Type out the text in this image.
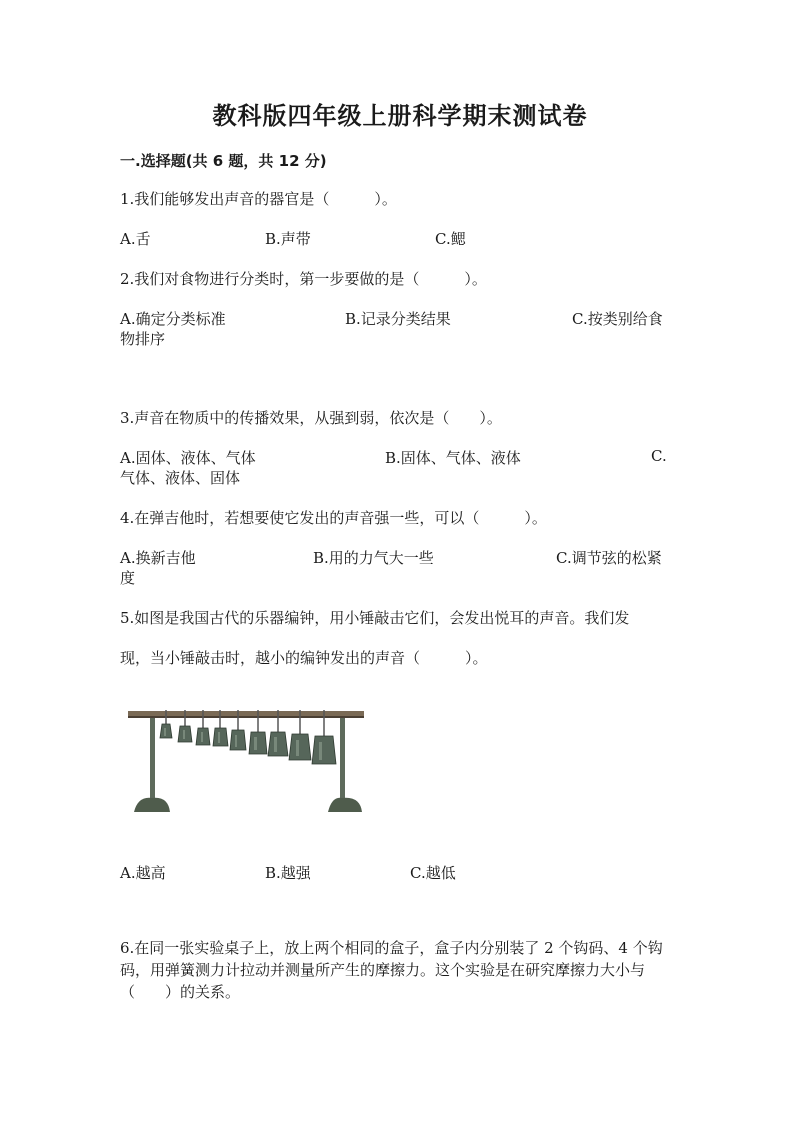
教科版四年级上册科学期末测试卷
一.选择题(共 6 题，共 12 分)
1.我们能够发出声音的器官是（　　　）。
A.舌	B.声带	C.鳃
2.我们对食物进行分类时，第一步要做的是（　　　）。
A.确定分类标准	B.记录分类结果	C.按类别给食
物排序
3.声音在物质中的传播效果，从强到弱，依次是（　　）。
A.固体、液体、气体	B.固体、气体、液体	C.
气体、液体、固体
4.在弹吉他时，若想要使它发出的声音强一些，可以（　　　）。
A.换新吉他	B.用的力气大一些	C.调节弦的松紧
度
5.如图是我国古代的乐器编钟，用小锤敲击它们，会发出悦耳的声音。我们发
现，当小锤敲击时，越小的编钟发出的声音（　　　）。
A.越高	B.越强	C.越低
6.在同一张实验桌子上，放上两个相同的盒子，盒子内分别装了 2 个钩码、4 个钩码，用弹簧测力计拉动并测量所产生的摩擦力。这个实验是在研究摩擦力大小与（　　）的关系。
